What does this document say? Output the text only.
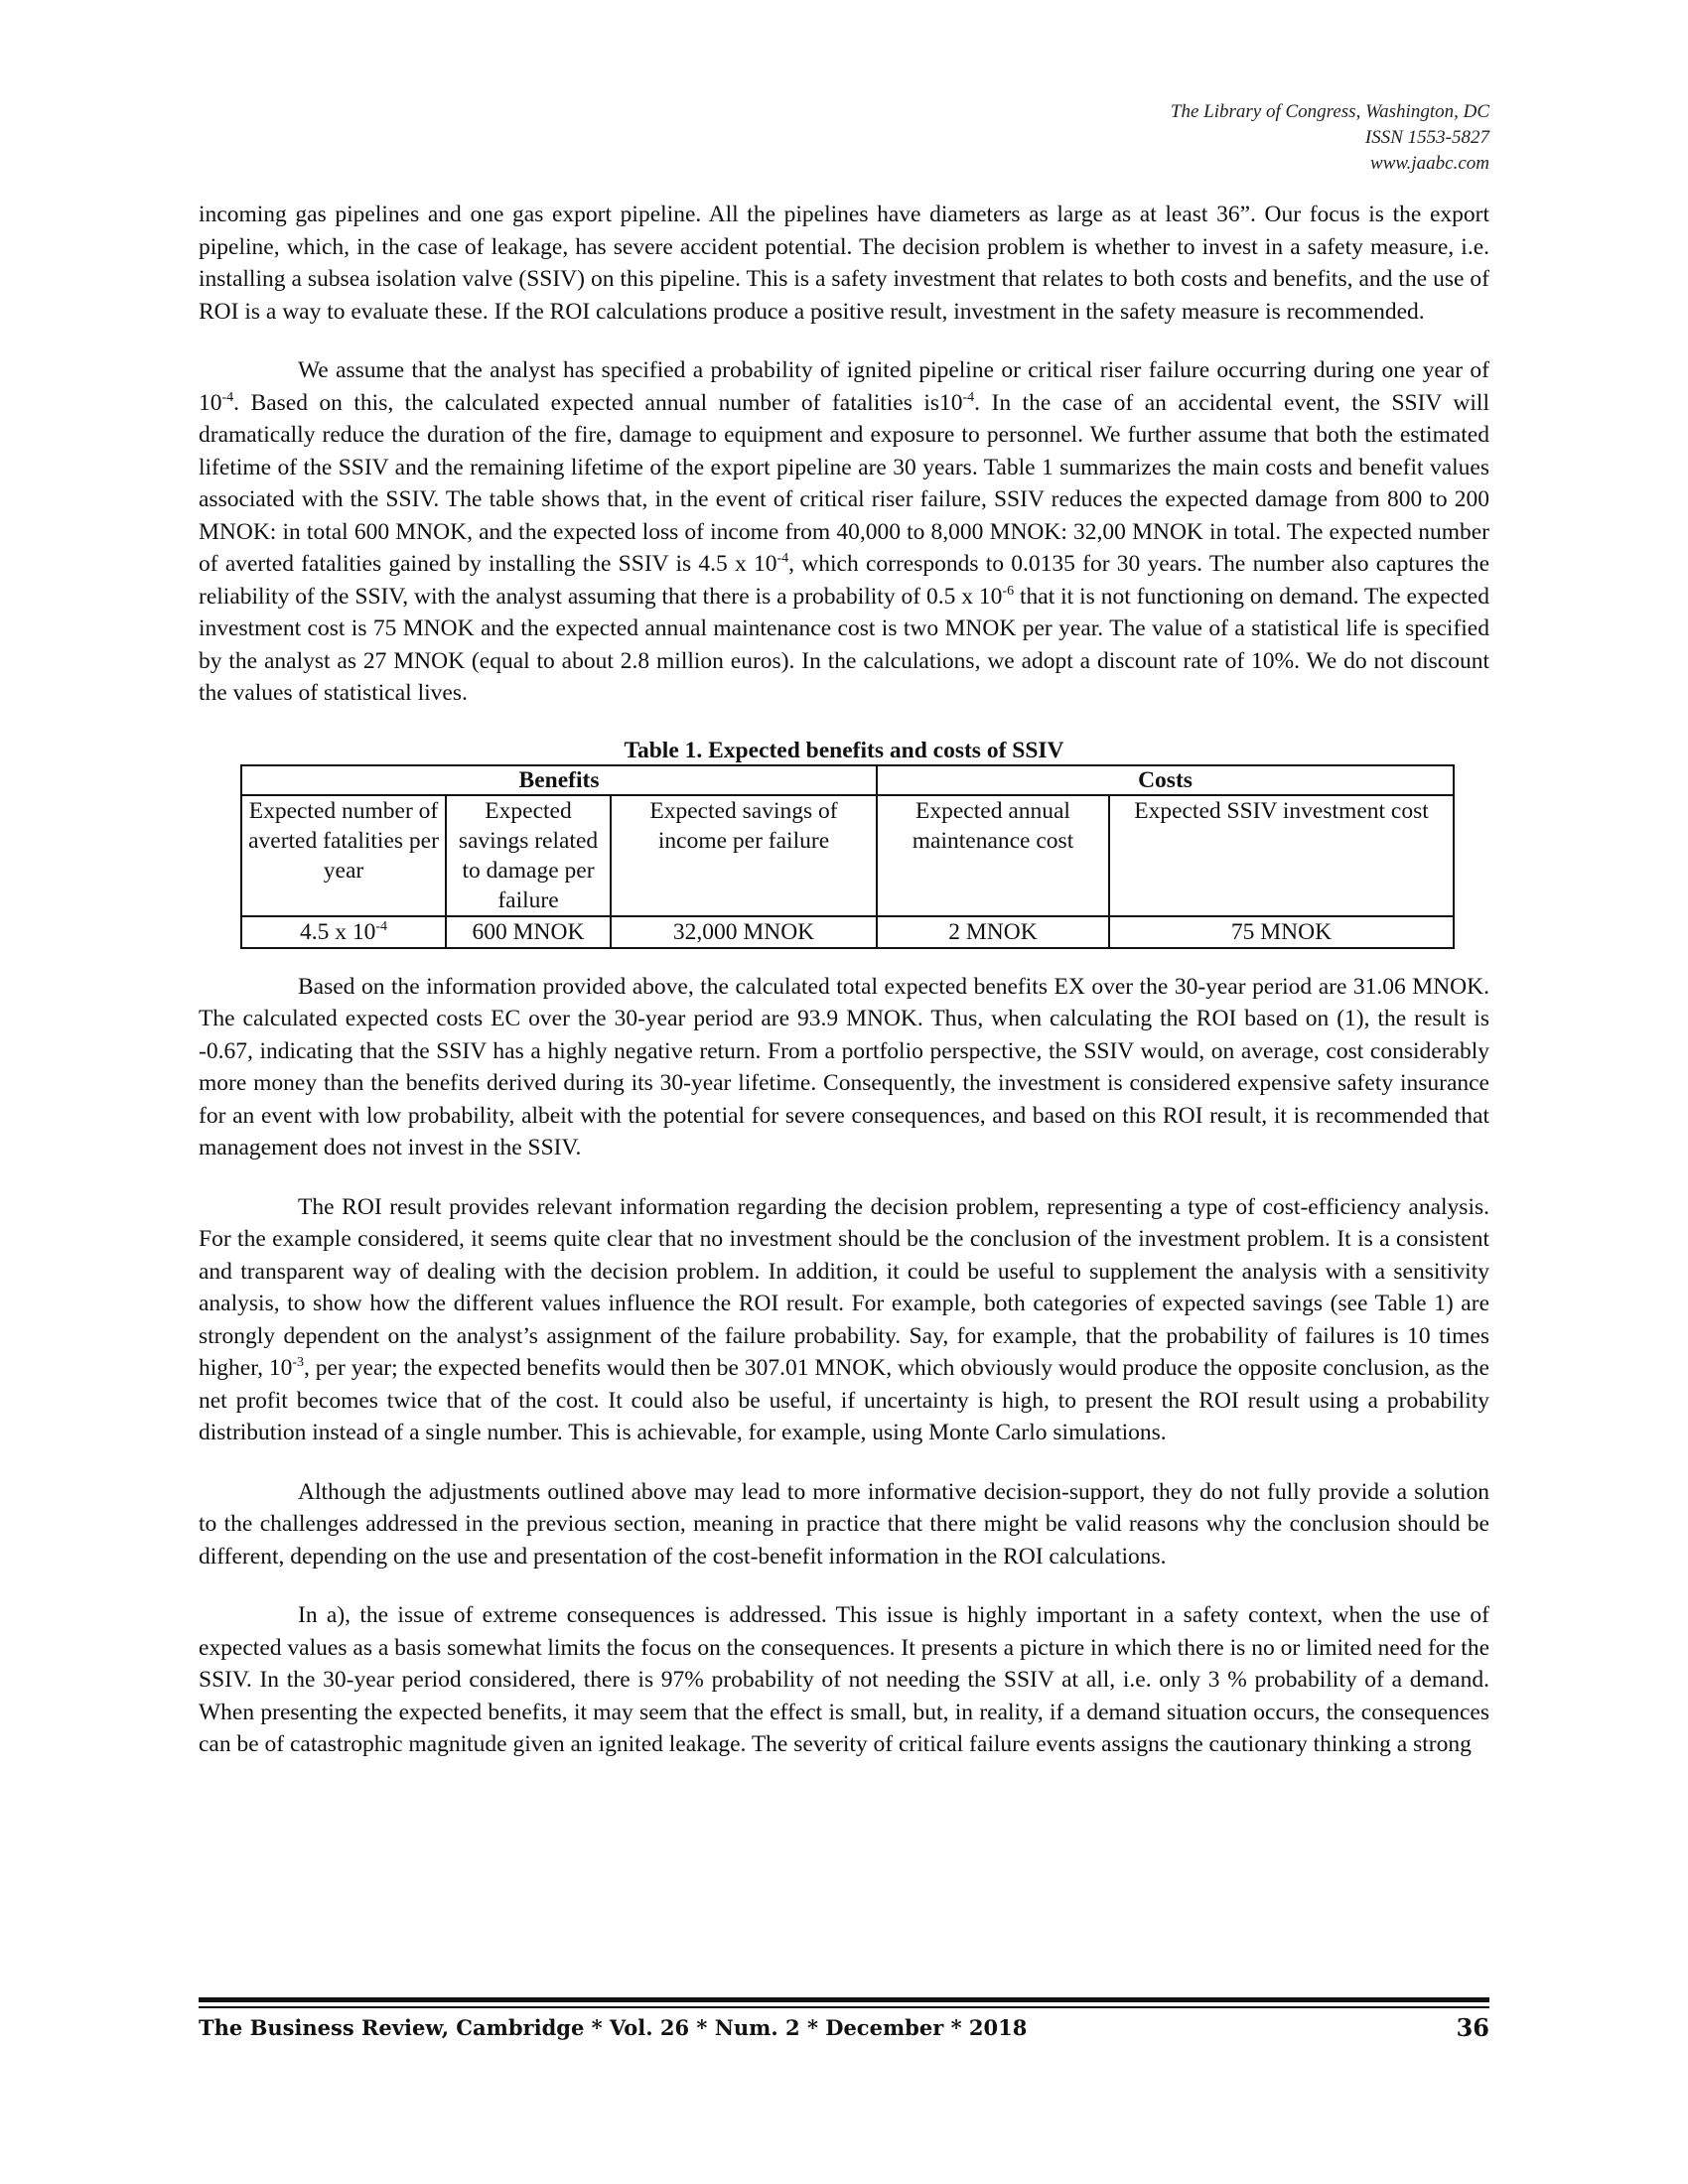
The Library of Congress, Washington, DC
ISSN 1553-5827
www.jaabc.com

incoming gas pipelines and one gas export pipeline. All the pipelines have diameters as large as at least 36”. Our focus is the export pipeline, which, in the case of leakage, has severe accident potential. The decision problem is whether to invest in a safety measure, i.e. installing a subsea isolation valve (SSIV) on this pipeline. This is a safety investment that relates to both costs and benefits, and the use of ROI is a way to evaluate these. If the ROI calculations produce a positive result, investment in the safety measure is recommended.

We assume that the analyst has specified a probability of ignited pipeline or critical riser failure occurring during one year of $10^{-4}$. Based on this, the calculated expected annual number of fatalities $is10^{-4}$. In the case of an accidental event, the SSIV will dramatically reduce the duration of the fire, damage to equipment and exposure to personnel. We further assume that both the estimated lifetime of the SSIV and the remaining lifetime of the export pipeline are 30 years. Table 1 summarizes the main costs and benefit values associated with the SSIV. The table shows that, in the event of critical riser failure, SSIV reduces the expected damage from 800 to 200 MNOK: in total 600 MNOK, and the expected loss of income from 40,000 to 8,000 MNOK: 32,00 MNOK in total. The expected number of averted fatalities gained by installing the SSIV is 4.5 x $10^{-4}$, which corresponds to 0.0135 for 30 years. The number also captures the reliability of the SSIV, with the analyst assuming that there is a probability of 0.5 x $10^{-6}$ that it is not functioning on demand. The expected investment cost is 75 MNOK and the expected annual maintenance cost is two MNOK per year. The value of a statistical life is specified by the analyst as 27 MNOK (equal to about 2.8 million euros). In the calculations, we adopt a discount rate of 10%. We do not discount the values of statistical lives.

Table 1. Expected benefits and costs of SSIV
Benefits			Costs	
Expected number of averted fatalities per year	Expected savings related to damage per failure	Expected savings of income per failure	Expected annual maintenance cost	Expected SSIV investment cost
4.5 x $10^{-4}$	600 MNOK	32,000 MNOK	2 MNOK	75 MNOK

Based on the information provided above, the calculated total expected benefits EX over the 30-year period are 31.06 MNOK. The calculated expected costs EC over the 30-year period are 93.9 MNOK. Thus, when calculating the ROI based on (1), the result is -0.67, indicating that the SSIV has a highly negative return. From a portfolio perspective, the SSIV would, on average, cost considerably more money than the benefits derived during its 30-year lifetime. Consequently, the investment is considered expensive safety insurance for an event with low probability, albeit with the potential for severe consequences, and based on this ROI result, it is recommended that management does not invest in the SSIV.

The ROI result provides relevant information regarding the decision problem, representing a type of cost-efficiency analysis. For the example considered, it seems quite clear that no investment should be the conclusion of the investment problem. It is a consistent and transparent way of dealing with the decision problem. In addition, it could be useful to supplement the analysis with a sensitivity analysis, to show how the different values influence the ROI result. For example, both categories of expected savings (see Table 1) are strongly dependent on the analyst’s assignment of the failure probability. Say, for example, that the probability of failures is 10 times higher, $10^{-3}$, per year; the expected benefits would then be 307.01 MNOK, which obviously would produce the opposite conclusion, as the net profit becomes twice that of the cost. It could also be useful, if uncertainty is high, to present the ROI result using a probability distribution instead of a single number. This is achievable, for example, using Monte Carlo simulations.

Although the adjustments outlined above may lead to more informative decision-support, they do not fully provide a solution to the challenges addressed in the previous section, meaning in practice that there might be valid reasons why the conclusion should be different, depending on the use and presentation of the cost-benefit information in the ROI calculations.

In a), the issue of extreme consequences is addressed. This issue is highly important in a safety context, when the use of expected values as a basis somewhat limits the focus on the consequences. It presents a picture in which there is no or limited need for the SSIV. In the 30-year period considered, there is 97% probability of not needing the SSIV at all, i.e. only 3 % probability of a demand. When presenting the expected benefits, it may seem that the effect is small, but, in reality, if a demand situation occurs, the consequences can be of catastrophic magnitude given an ignited leakage. The severity of critical failure events assigns the cautionary thinking a strong

The Business Review, Cambridge * Vol. 26 * Num. 2 * December * 2018	36
